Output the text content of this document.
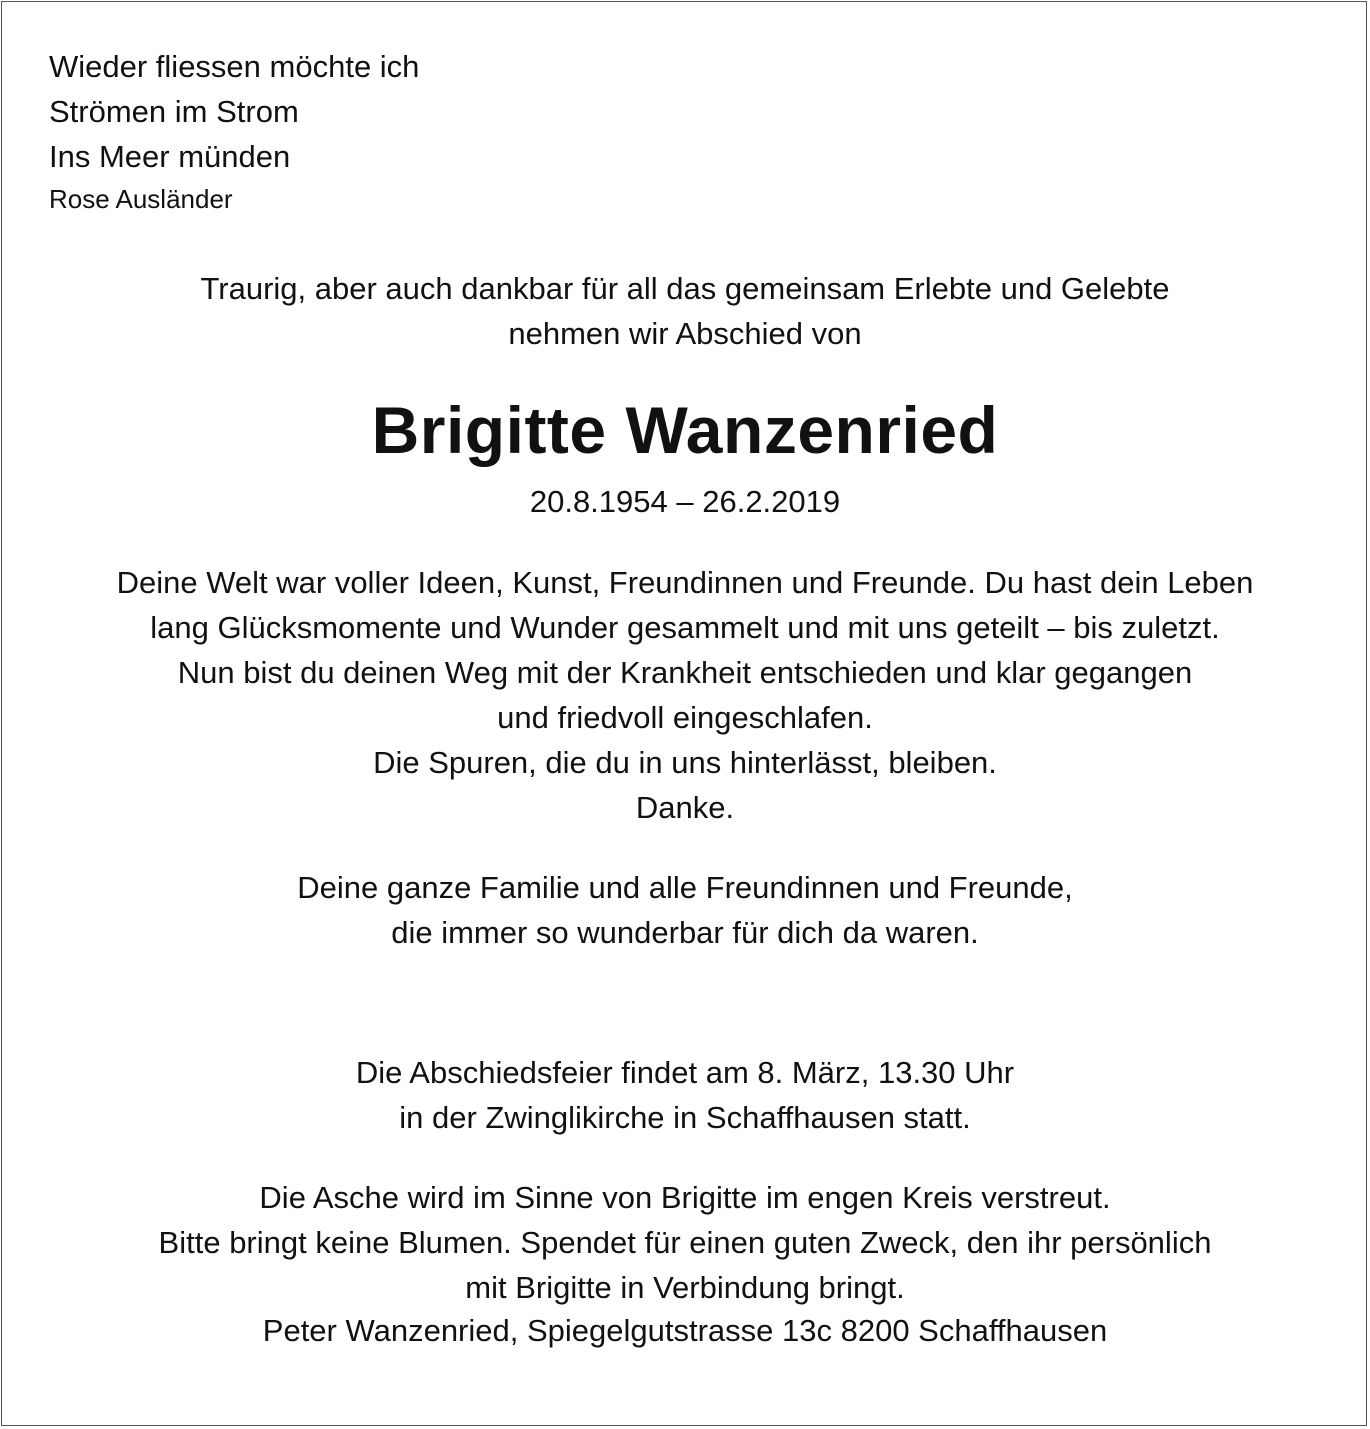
Wieder fliessen möchte ich
Strömen im Strom
Ins Meer münden
Rose Ausländer
Traurig, aber auch dankbar für all das gemeinsam Erlebte und Gelebte
nehmen wir Abschied von
Brigitte Wanzenried
20.8.1954 – 26.2.2019
Deine Welt war voller Ideen, Kunst, Freundinnen und Freunde. Du hast dein Leben
lang Glücksmomente und Wunder gesammelt und mit uns geteilt – bis zuletzt.
Nun bist du deinen Weg mit der Krankheit entschieden und klar gegangen
und friedvoll eingeschlafen.
Die Spuren, die du in uns hinterlässt, bleiben.
Danke.
Deine ganze Familie und alle Freundinnen und Freunde,
die immer so wunderbar für dich da waren.
Die Abschiedsfeier findet am 8. März, 13.30 Uhr
in der Zwinglikirche in Schaffhausen statt.
Die Asche wird im Sinne von Brigitte im engen Kreis verstreut.
Bitte bringt keine Blumen. Spendet für einen guten Zweck, den ihr persönlich
mit Brigitte in Verbindung bringt.
Peter Wanzenried, Spiegelgutstrasse 13c 8200 Schaffhausen
